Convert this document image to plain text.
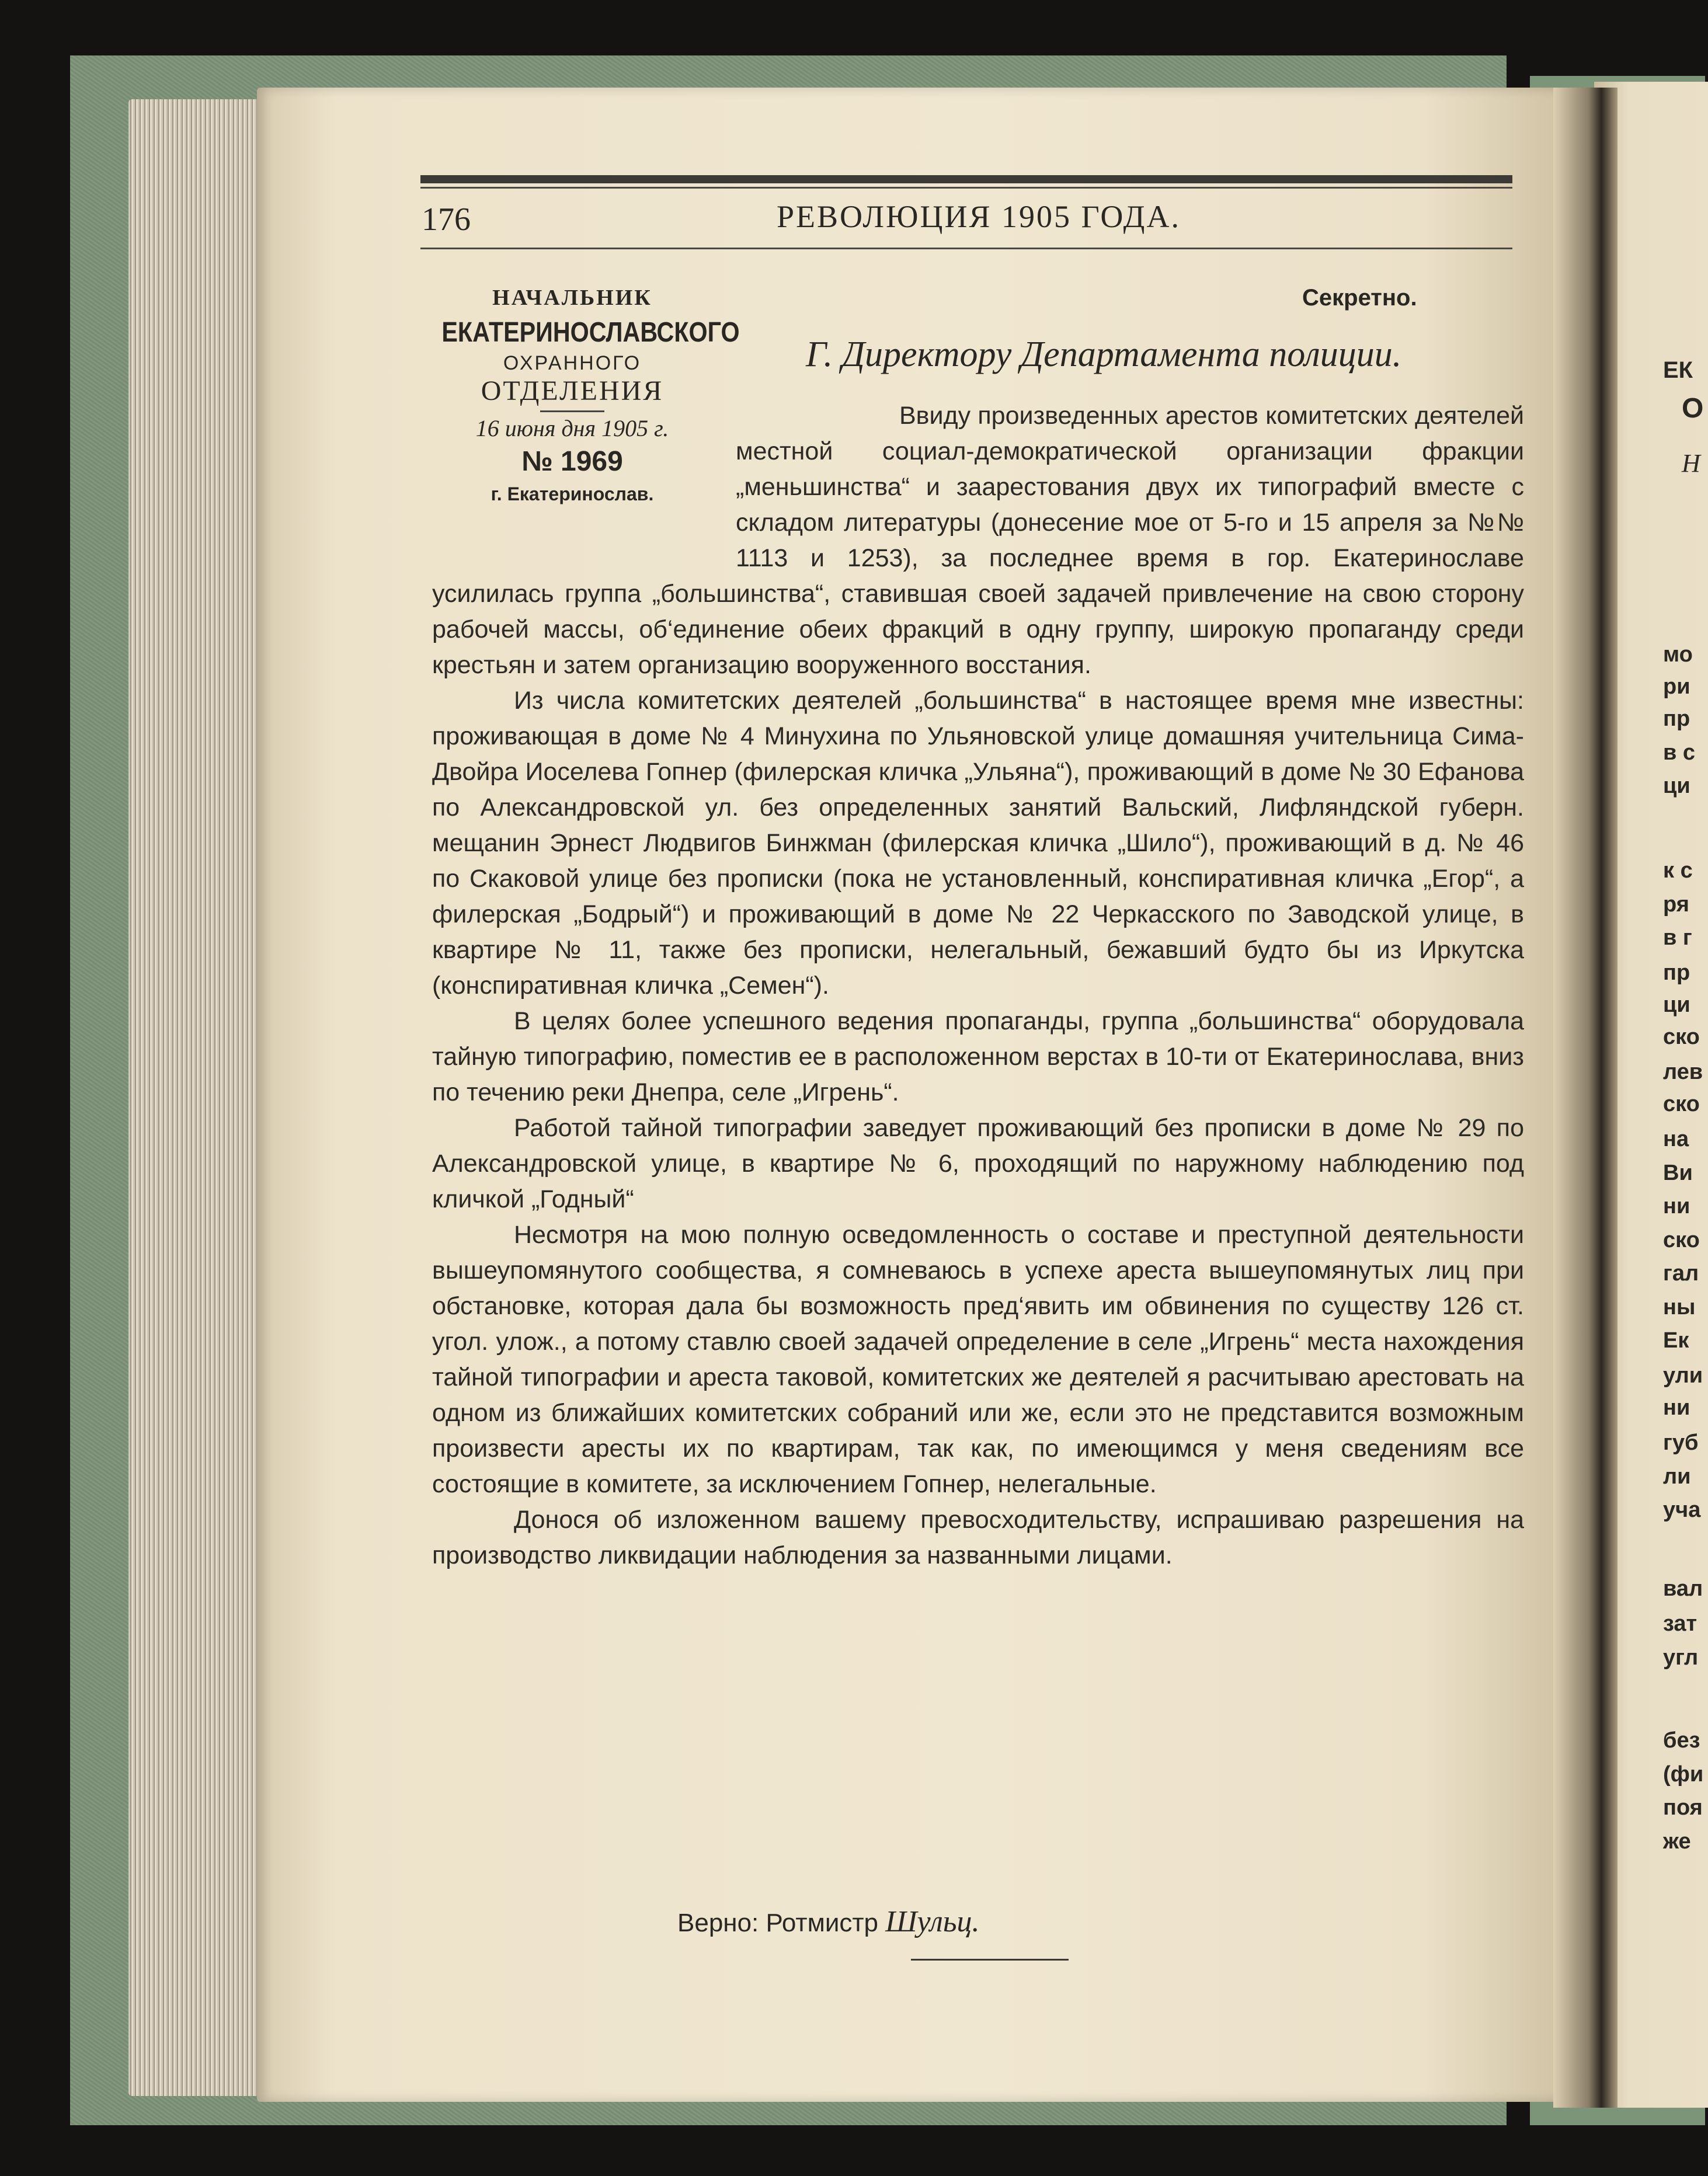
176	РЕВОЛЮЦИЯ 1905 ГОДА.
НАЧАЛЬНИК
ЕКАТЕРИНОСЛАВСКОГО
ОХРАННОГО
ОТДЕЛЕНИЯ
16 июня дня 1905 г.
№ 1969
г. Екатеринослав.
Секретно.
Г. Директору Департамента полиции.

Ввиду произведенных арестов комитетских деятелей местной социал-демократической организации фракции „меньшинства“ и заарестования двух их типографий вместе с складом литературы (донесение мое от 5-го и 15 апреля за №№ 1113 и 1253), за последнее время в гор. Екатеринославе усилилась группа „большинства“, ставившая своей задачей привлечение на свою сторону рабочей массы, об‘единение обеих фракций в одну группу, широкую пропаганду среди крестьян и затем организацию вооруженного восстания.

Из числа комитетских деятелей „большинства“ в настоящее время мне известны: проживающая в доме № 4 Минухина по Ульяновской улице домашняя учительница Сима-Двойра Иоселева Гопнер (филерская кличка „Ульяна“), проживающий в доме № 30 Ефанова по Александровской ул. без определенных занятий Вальский, Лифляндской губерн. мещанин Эрнест Людвигов Бинжман (филерская кличка „Шило“), проживающий в д. № 46 по Скаковой улице без прописки (пока не установленный, конспиративная кличка „Егор“, а филерская „Бодрый“) и проживающий в доме № 22 Черкасского по Заводской улице, в квартире № 11, также без прописки, нелегальный, бежавший будто бы из Иркутска (конспиративная кличка „Семен“).

В целях более успешного ведения пропаганды, группа „большинства“ оборудовала тайную типографию, поместив ее в расположенном верстах в 10-ти от Екатеринослава, вниз по течению реки Днепра, селе „Игрень“.

Работой тайной типографии заведует проживающий без прописки в доме № 29 по Александровской улице, в квартире № 6, проходящий по наружному наблюдению под кличкой „Годный“

Несмотря на мою полную осведомленность о составе и преступной деятельности вышеупомянутого сообщества, я сомневаюсь в успехе ареста вышеупомянутых лиц при обстановке, которая дала бы возможность пред‘явить им обвинения по существу 126 ст. угол. улож., а потому ставлю своей задачей определение в селе „Игрень“ места нахождения тайной типографии и ареста таковой, комитетских же деятелей я расчитываю арестовать на одном из ближайших комитетских собраний или же, если это не представится возможным произвести аресты их по квартирам, так как, по имеющимся у меня сведениям все состоящие в комитете, за исключением Гопнер, нелегальные.

Донося об изложенном вашему превосходительству, испрашиваю разрешения на производство ликвидации наблюдения за названными лицами.

Верно: Ротмистр Шульц.
ЕК
О
Н
мо
ри
пр
в с
ци
к с
ря
в г
пр
ци
ско
лев
ско
на
Ви
ни
ско
гал
ны
Ек
ули
ни
губ
ли
уча
вал
зат
угл
без
(фи
поя
же
